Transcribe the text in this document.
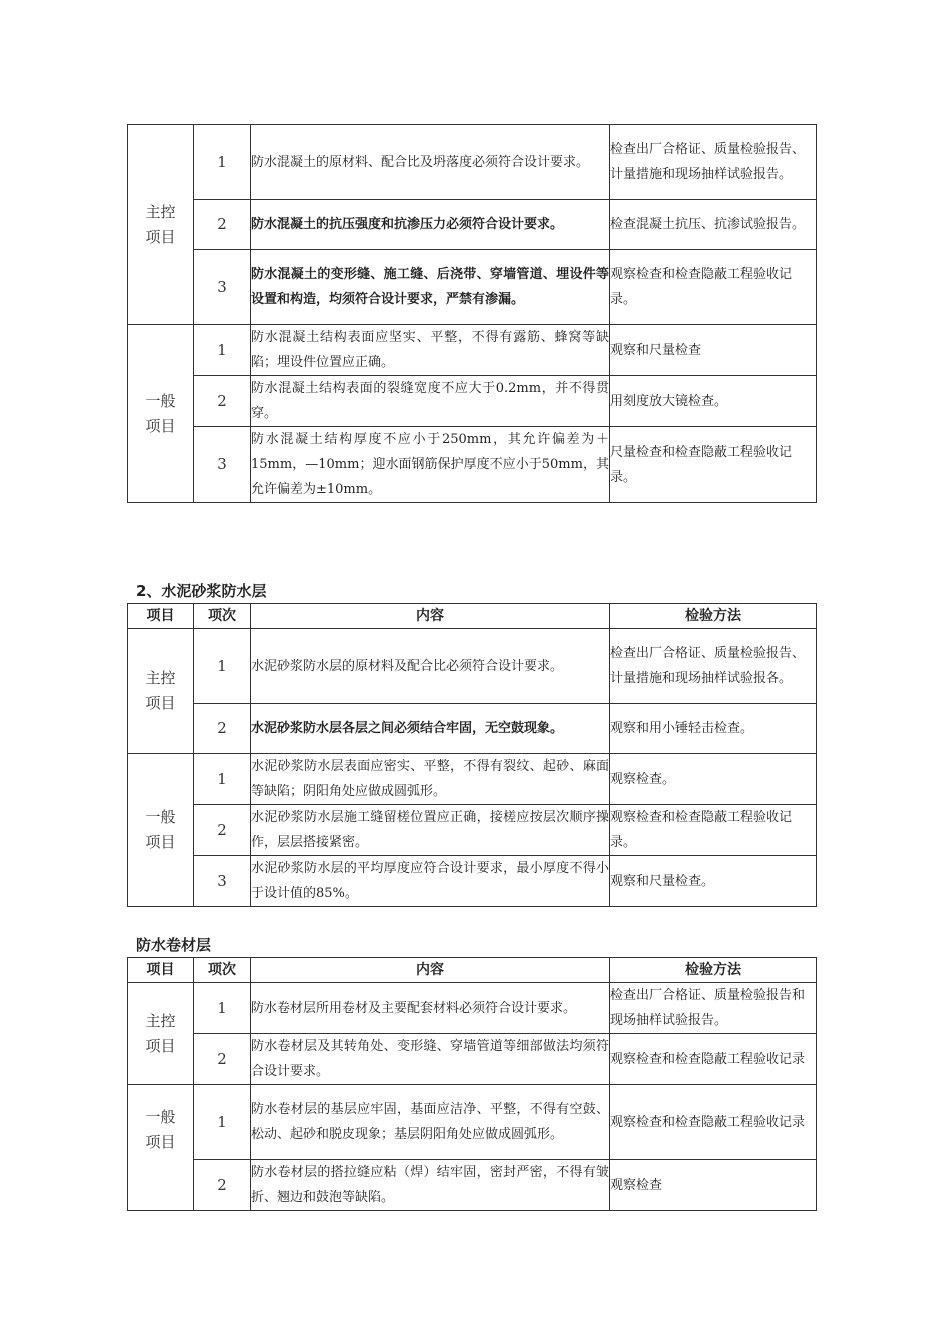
主控
项目	1	防水混凝土的原材料、配合比及坍落度必须符合设计要求。	检查出厂合格证、质量检验报告、计量措施和现场抽样试验报告。
	2	防水混凝土的抗压强度和抗渗压力必须符合设计要求。	检查混凝土抗压、抗渗试验报告。
	3	防水混凝土的变形缝、施工缝、后浇带、穿墙管道、埋设件等设置和构造，均须符合设计要求，严禁有渗漏。	观察检查和检查隐蔽工程验收记录。
一般
项目	1	防水混凝土结构表面应坚实、平整，不得有露筋、蜂窝等缺陷；埋设件位置应正确。	观察和尺量检查
	2	防水混凝土结构表面的裂缝宽度不应大于0.2mm，并不得贯穿。	用刻度放大镜检查。
	3	防水混凝土结构厚度不应小于250mm，其允许偏差为＋15mm，—10mm；迎水面钢筋保护厚度不应小于50mm，其允许偏差为±10mm。	尺量检查和检查隐蔽工程验收记录。
2、水泥砂浆防水层
项目	项次	内容	检验方法
主控
项目	1	水泥砂浆防水层的原材料及配合比必须符合设计要求。	检查出厂合格证、质量检验报告、计量措施和现场抽样试验报各。
	2	水泥砂浆防水层各层之间必须结合牢固，无空鼓现象。	观察和用小锤轻击检查。
一般
项目	1	水泥砂浆防水层表面应密实、平整，不得有裂纹、起砂、麻面等缺陷；阴阳角处应做成圆弧形。	观察检查。
	2	水泥砂浆防水层施工缝留槎位置应正确，接槎应按层次顺序操作，层层搭接紧密。	观察检查和检查隐蔽工程验收记录。
	3	水泥砂浆防水层的平均厚度应符合设计要求，最小厚度不得小于设计值的85%。	观察和尺量检查。
防水卷材层
项目	项次	内容	检验方法
主控
项目	1	防水卷材层所用卷材及主要配套材料必须符合设计要求。	检查出厂合格证、质量检验报告和现场抽样试验报告。
	2	防水卷材层及其转角处、变形缝、穿墙管道等细部做法均须符合设计要求。	观察检查和检查隐蔽工程验收记录
一般
项目	1	防水卷材层的基层应牢固，基面应洁净、平整，不得有空鼓、松动、起砂和脱皮现象；基层阴阳角处应做成圆弧形。	观察检查和检查隐蔽工程验收记录
	2	防水卷材层的搭拉缝应粘（焊）结牢固，密封严密，不得有皱折、翘边和鼓泡等缺陷。	观察检查
